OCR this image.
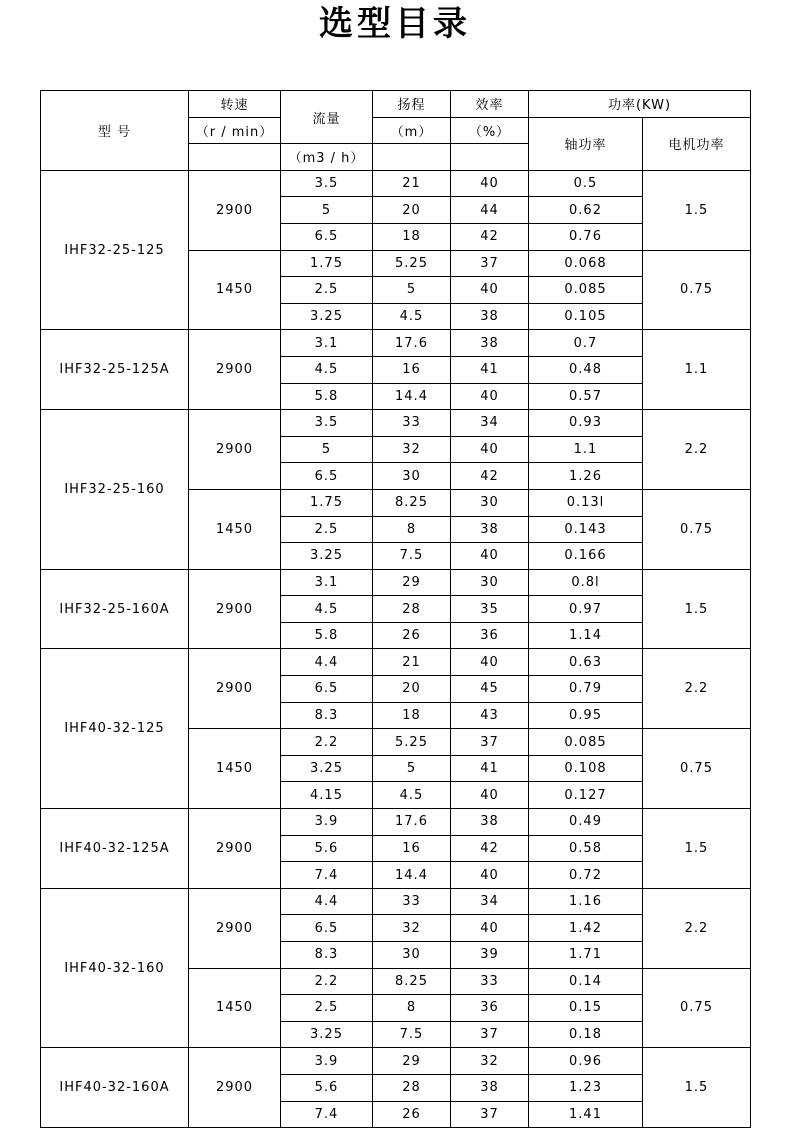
选型目录
型 号	转速	流量	扬程	效率	功率(KW)	
	（r / min）		（m）	（%）	轴功率	电机功率
		（m3 / h）				
IHF32-25-125	2900	3.5	21	40	0.5	1.5
		5	20	44	0.62	
		6.5	18	42	0.76	
	1450	1.75	5.25	37	0.068	0.75
		2.5	5	40	0.085	
		3.25	4.5	38	0.105	
IHF32-25-125A	2900	3.1	17.6	38	0.7	1.1
		4.5	16	41	0.48	
		5.8	14.4	40	0.57	
IHF32-25-160	2900	3.5	33	34	0.93	2.2
		5	32	40	1.1	
		6.5	30	42	1.26	
	1450	1.75	8.25	30	0.13l	0.75
		2.5	8	38	0.143	
		3.25	7.5	40	0.166	
IHF32-25-160A	2900	3.1	29	30	0.8l	1.5
		4.5	28	35	0.97	
		5.8	26	36	1.14	
IHF40-32-125	2900	4.4	21	40	0.63	2.2
		6.5	20	45	0.79	
		8.3	18	43	0.95	
	1450	2.2	5.25	37	0.085	0.75
		3.25	5	41	0.108	
		4.15	4.5	40	0.127	
IHF40-32-125A	2900	3.9	17.6	38	0.49	1.5
		5.6	16	42	0.58	
		7.4	14.4	40	0.72	
IHF40-32-160	2900	4.4	33	34	1.16	2.2
		6.5	32	40	1.42	
		8.3	30	39	1.71	
	1450	2.2	8.25	33	0.14	0.75
		2.5	8	36	0.15	
		3.25	7.5	37	0.18	
IHF40-32-160A	2900	3.9	29	32	0.96	1.5
		5.6	28	38	1.23	
		7.4	26	37	1.41	
